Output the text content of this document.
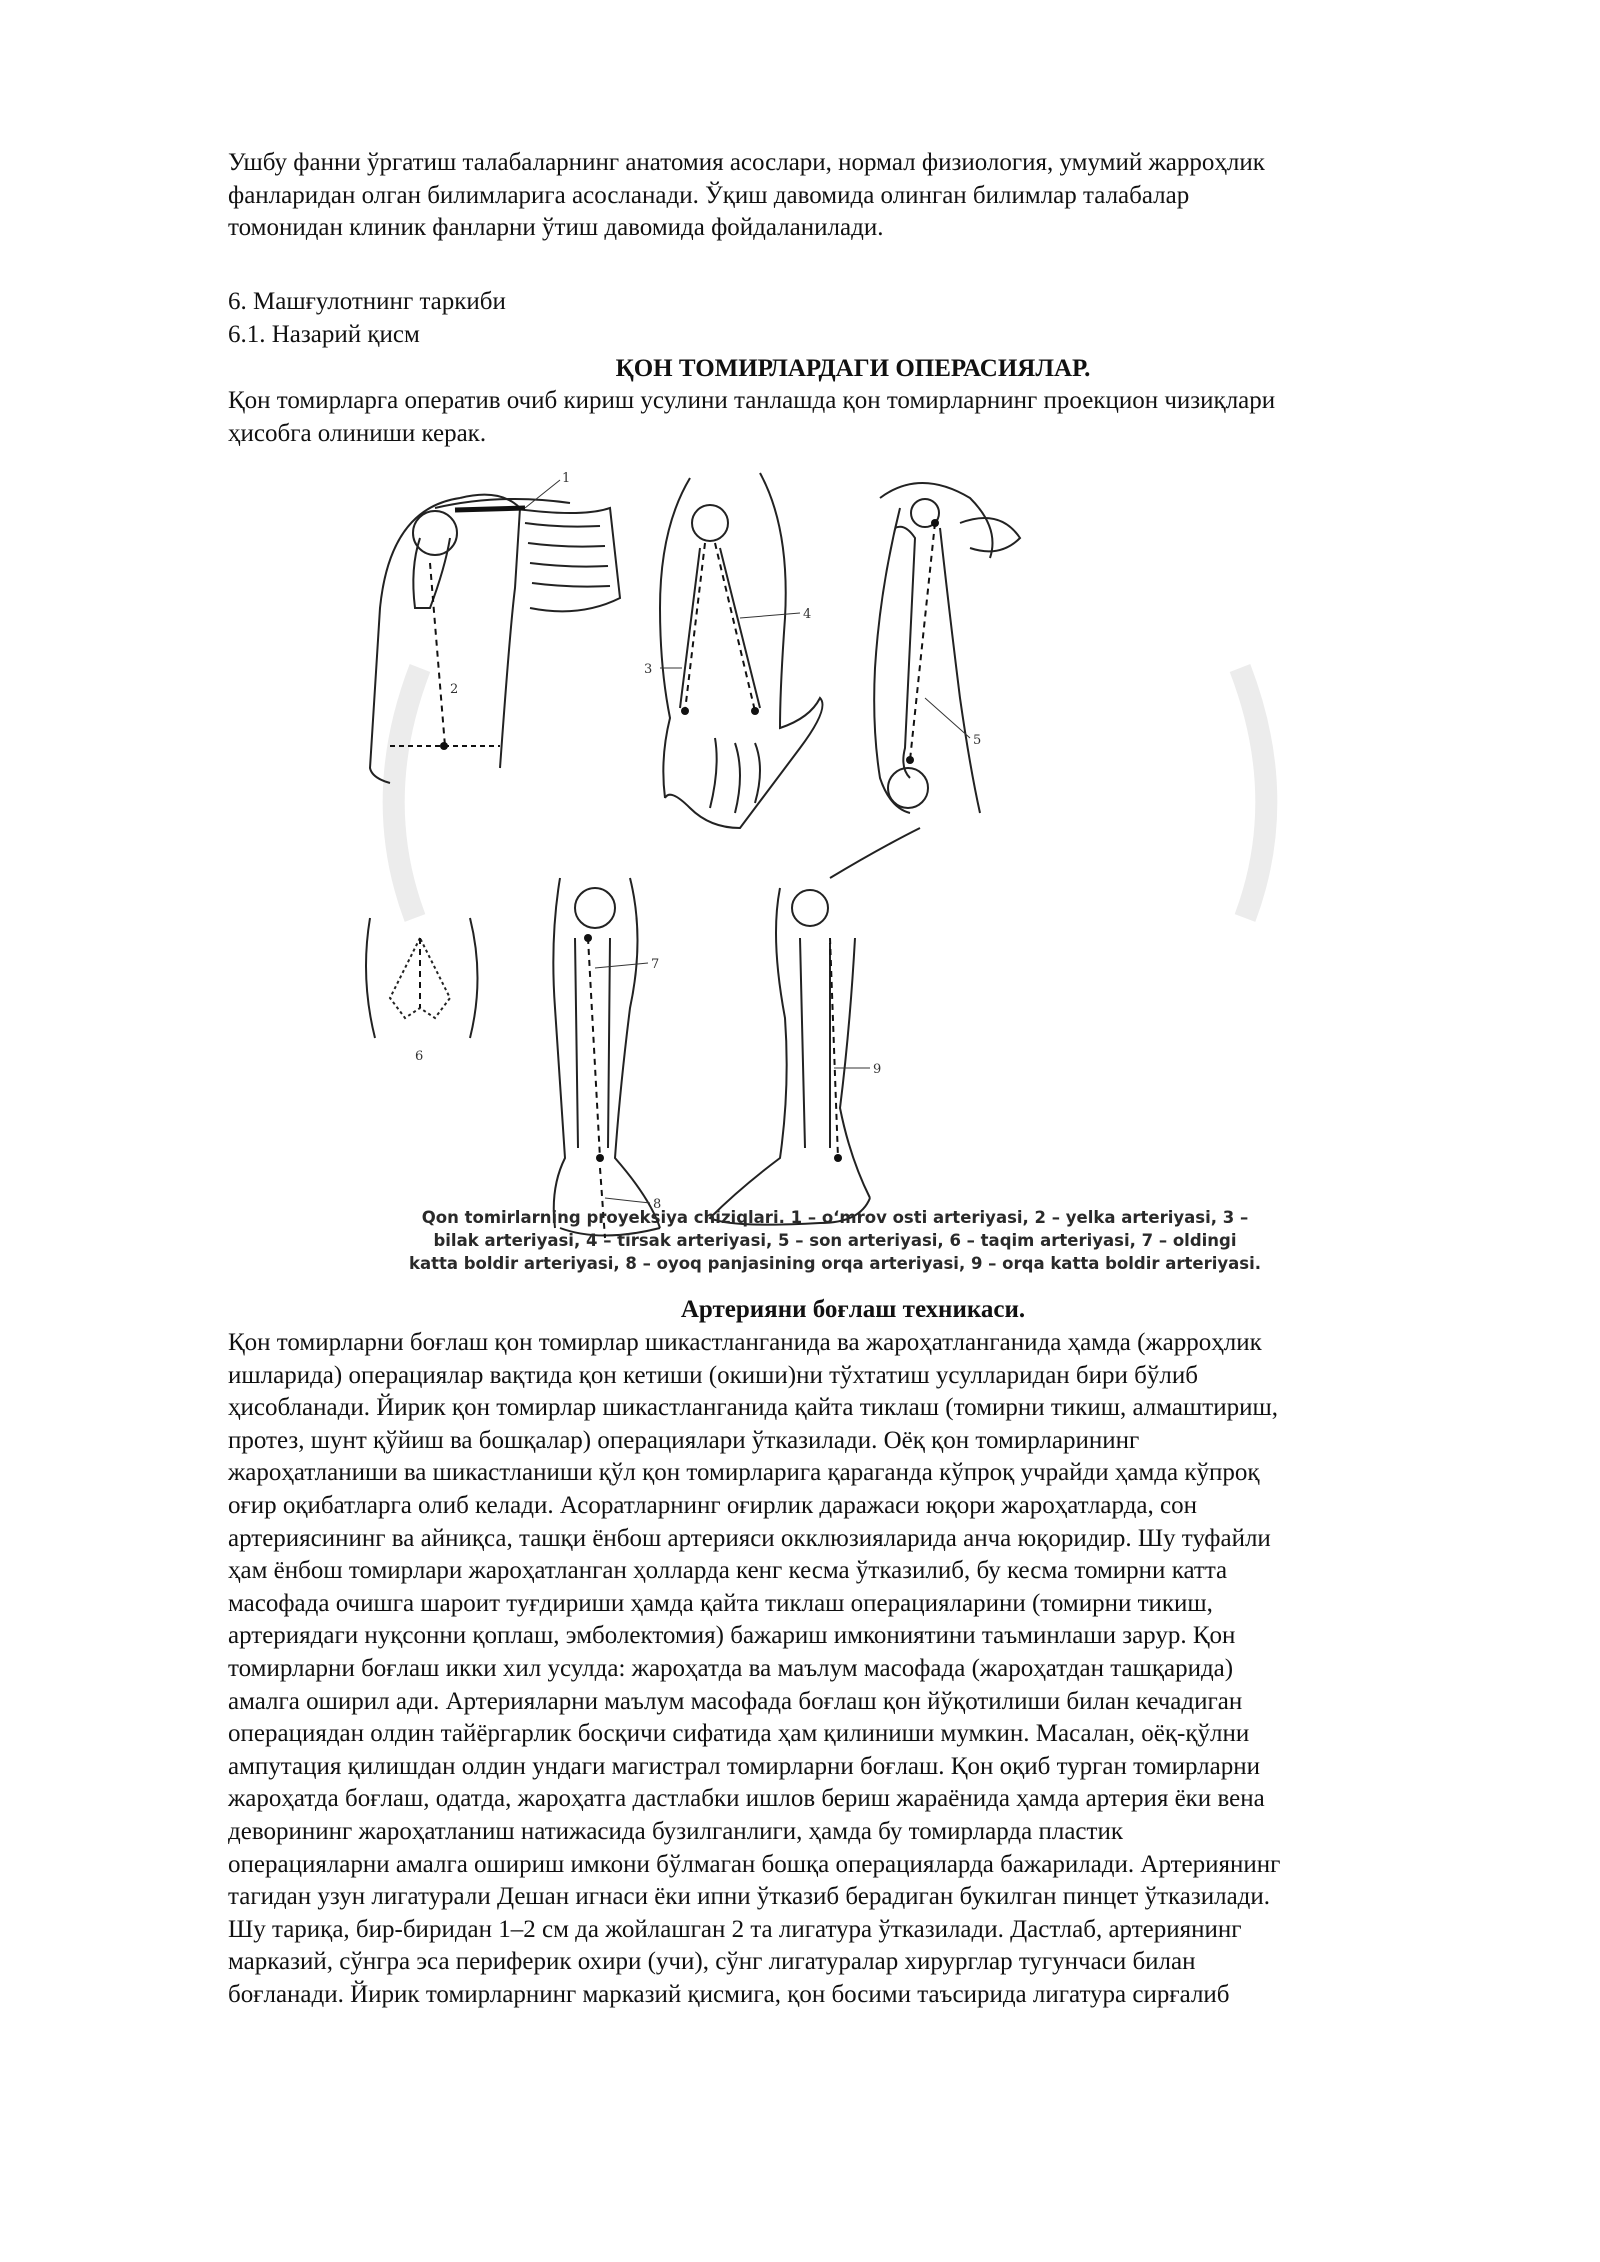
Ушбу фанни ўргатиш талабаларнинг анатомия асослари, нормал физиология, умумий жарроҳлик

фанларидан олган билимларига асосланади. Ўқиш давомида олинган билимлар талабалар

томонидан клиник фанларни ўтиш давомида фойдаланилади.

6. Машғулотнинг таркиби

6.1. Назарий қисм

ҚОН ТОМИРЛАРДАГИ ОПЕРАСИЯЛАР.

Қон томирларга оператив очиб кириш усулини танлашда қон томирларнинг проекцион чизиқлари

ҳисобга олиниши керак.

1
2
3
4
5
6
7
8
9
Qon tomirlarning proyeksiya chiziqlari. 1 – o‘mrov osti arteriyasi, 2 – yelka arteriyasi, 3 –
bilak arteriyasi, 4 – tirsak arteriyasi, 5 – son arteriyasi, 6 – taqim arteriyasi, 7 – oldingi
katta boldir arteriyasi, 8 – oyoq panjasining orqa arteriyasi, 9 – orqa katta boldir arteriyasi.
Артерияни боғлаш техникаси.

Қон томирларни боғлаш қон томирлар шикастланганида ва жароҳатланганида ҳамда (жарроҳлик

ишларида) операциялар вақтида қон кетиши (окиши)ни тўхтатиш усулларидан бири бўлиб

ҳисобланади. Йирик қон томирлар шикастланганида қайта тиклаш (томирни тикиш, алмаштириш,

протез, шунт қўйиш ва бошқалар) операциялари ўтказилади. Оёқ қон томирларининг

жароҳатланиши ва шикастланиши қўл қон томирларига қараганда кўпроқ учрайди ҳамда кўпроқ

оғир оқибатларга олиб келади. Асоратларнинг оғирлик даражаси юқори жароҳатларда, сон

артериясининг ва айниқса, ташқи ёнбош артерияси окклюзияларида анча юқоридир. Шу туфайли

ҳам ёнбош томирлари жароҳатланган ҳолларда кенг кесма ўтказилиб, бу кесма томирни катта

масофада очишга шароит туғдириши ҳамда қайта тиклаш операцияларини (томирни тикиш,

артериядаги нуқсонни қоплаш, эмболектомия) бажариш имкониятини таъминлаши зарур. Қон

томирларни боғлаш икки хил усулда: жароҳатда ва маълум масофада (жароҳатдан ташқарида)

амалга оширил ади. Артерияларни маълум масофада боғлаш қон йўқотилиши билан кечадиган

операциядан олдин тайёргарлик босқичи сифатида ҳам қилиниши мумкин. Масалан, оёқ-қўлни

ампутация қилишдан олдин ундаги магистрал томирларни боғлаш. Қон оқиб турган томирларни

жароҳатда боғлаш, одатда, жароҳатга дастлабки ишлов бериш жараёнида ҳамда артерия ёки вена

деворининг жароҳатланиш натижасида бузилганлиги, ҳамда бу томирларда пластик

операцияларни амалга ошириш имкони бўлмаган бошқа операцияларда бажарилади. Артериянинг

тагидан узун лигатурали Дешан игнаси ёки ипни ўтказиб берадиган букилган пинцет ўтказилади.

Шу тариқа, бир-биридан 1–2 см да жойлашган 2 та лигатура ўтказилади. Дастлаб, артериянинг

марказий, сўнгра эса периферик охири (учи), сўнг лигатуралар хирурглар тугунчаси билан

боғланади. Йирик томирларнинг марказий қисмига, қон босими таъсирида лигатура сирғалиб
